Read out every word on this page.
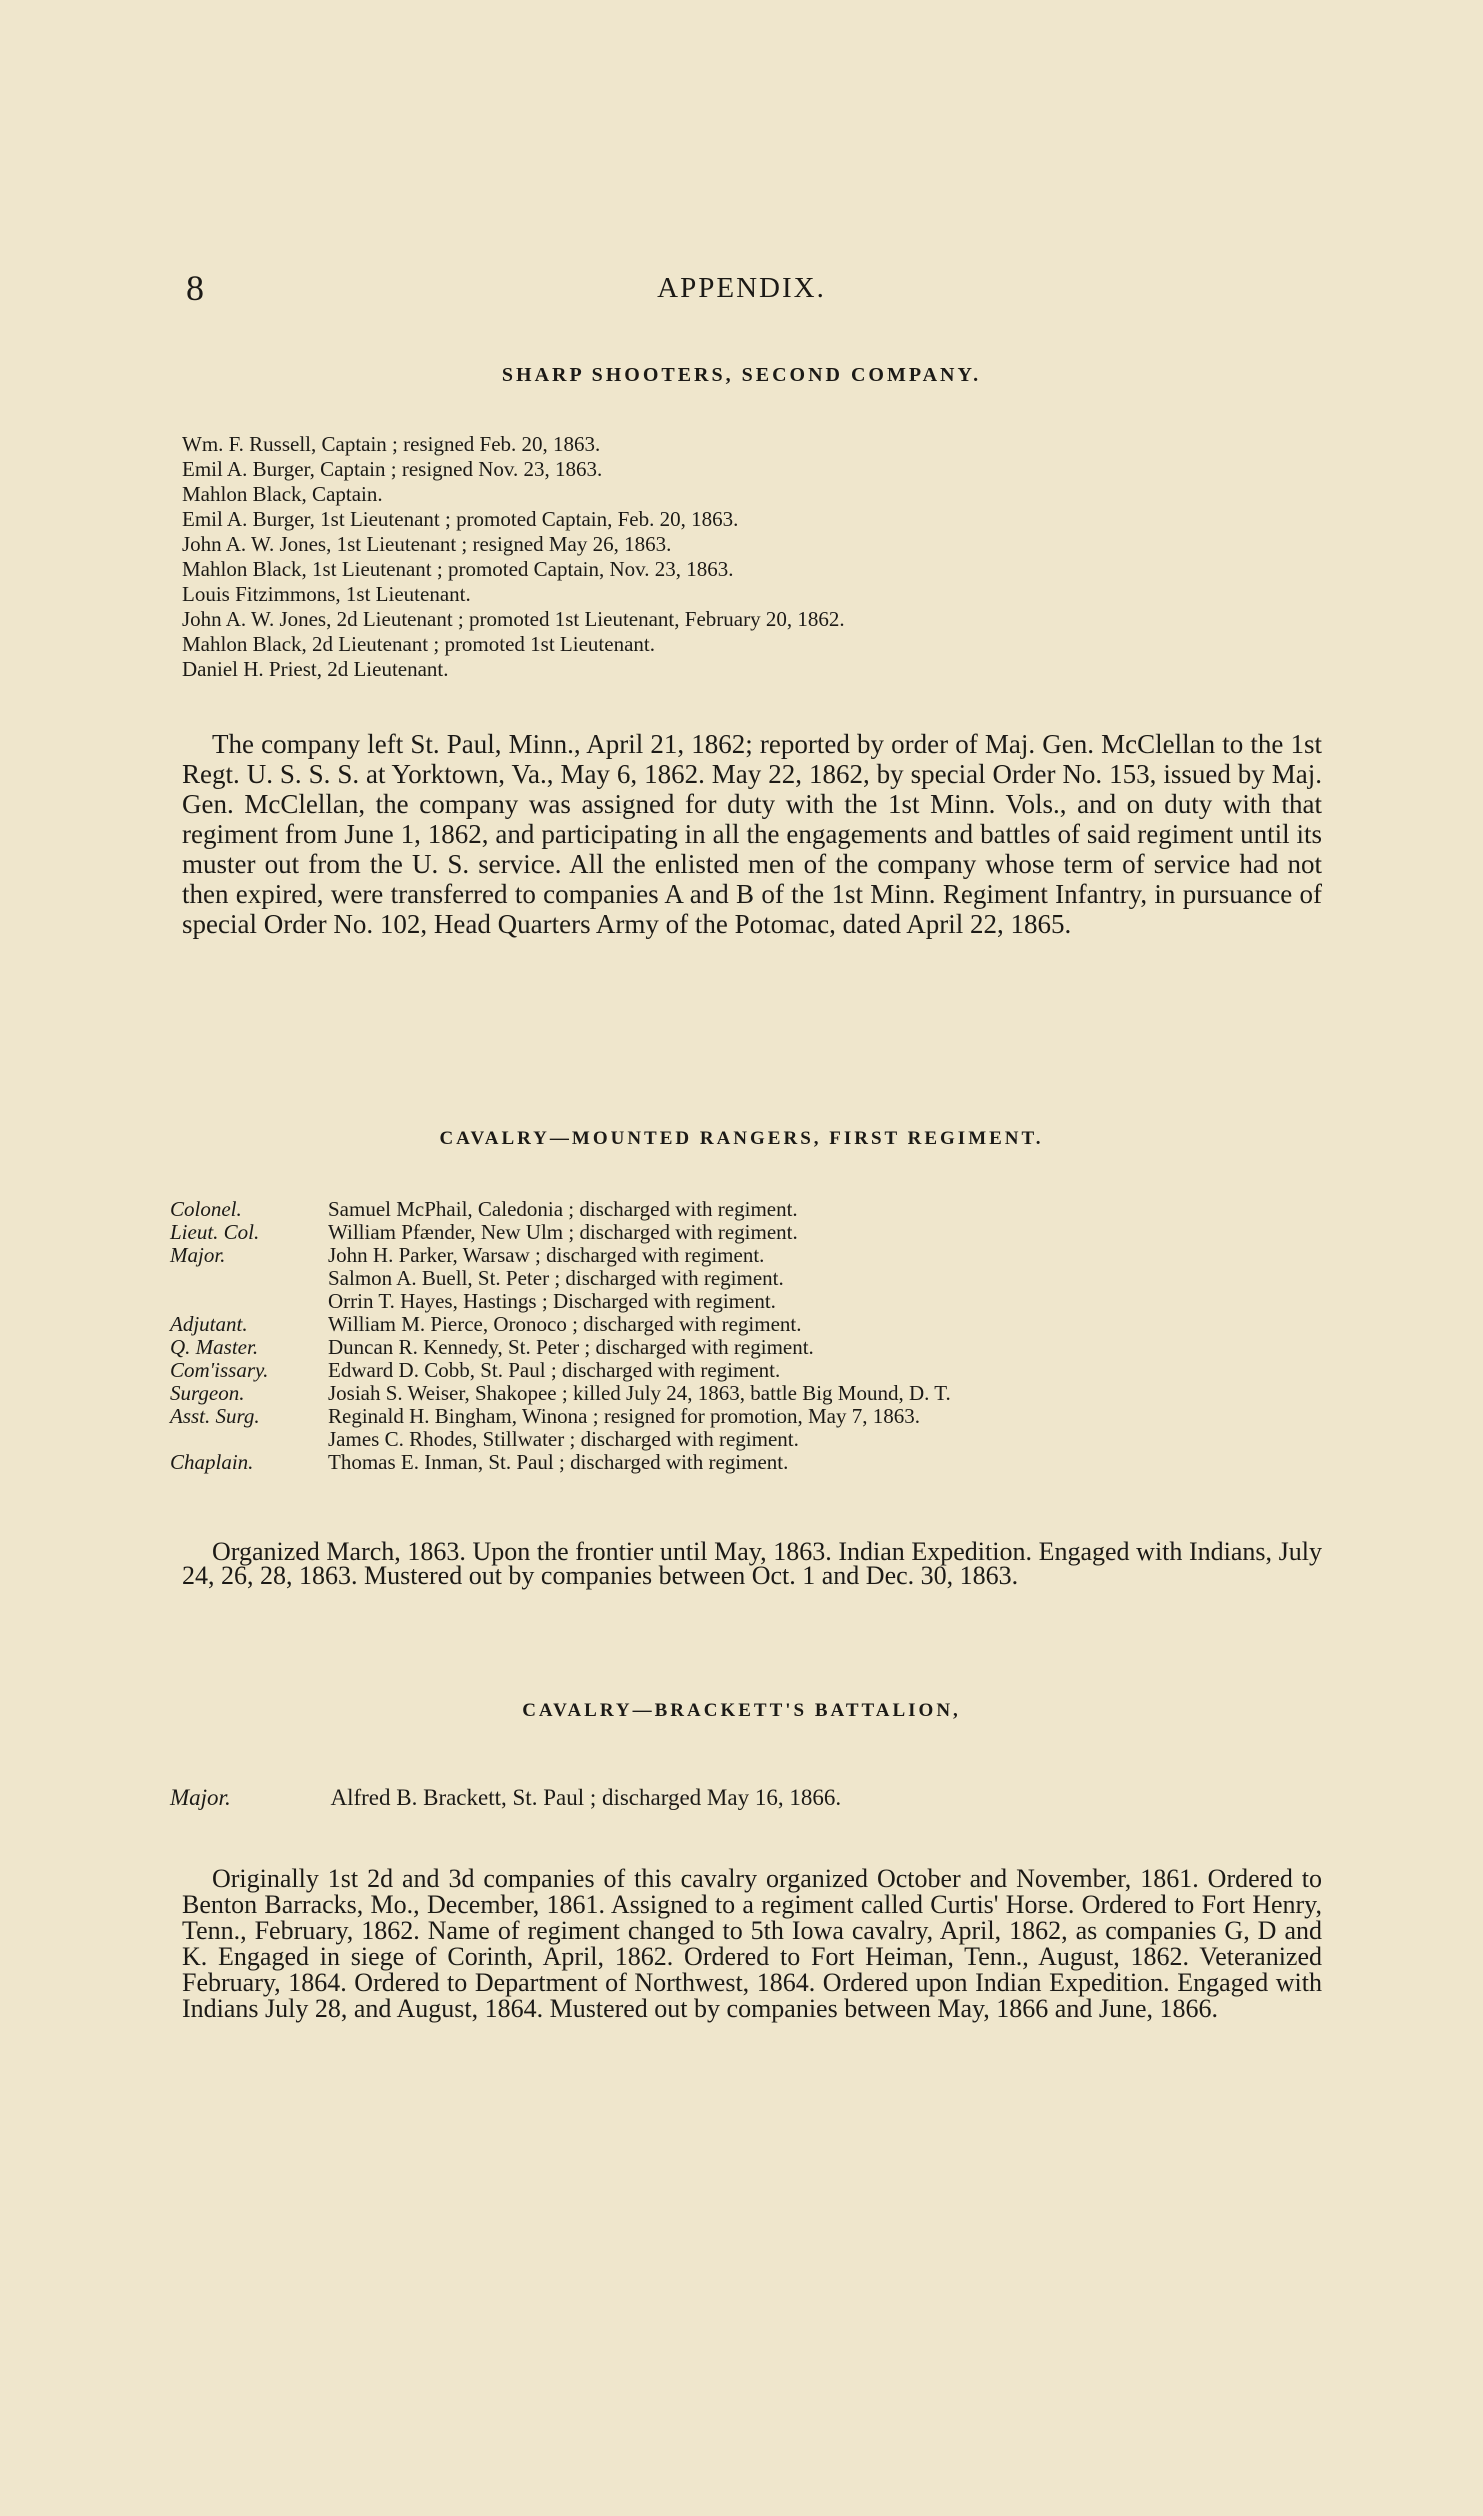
8	APPENDIX.
SHARP SHOOTERS, SECOND COMPANY.
Wm. F. Russell, Captain ; resigned Feb. 20, 1863.
Emil A. Burger, Captain ; resigned Nov. 23, 1863.
Mahlon Black, Captain.
Emil A. Burger, 1st Lieutenant ; promoted Captain, Feb. 20, 1863.
John A. W. Jones, 1st Lieutenant ; resigned May 26, 1863.
Mahlon Black, 1st Lieutenant ; promoted Captain, Nov. 23, 1863.
Louis Fitzimmons, 1st Lieutenant.
John A. W. Jones, 2d Lieutenant ; promoted 1st Lieutenant, February 20, 1862.
Mahlon Black, 2d Lieutenant ; promoted 1st Lieutenant.
Daniel H. Priest, 2d Lieutenant.
The company left St. Paul, Minn., April 21, 1862; reported by order of Maj. Gen. McClellan to the 1st Regt. U. S. S. S. at Yorktown, Va., May 6, 1862. May 22, 1862, by special Order No. 153, issued by Maj. Gen. McClellan, the company was assigned for duty with the 1st Minn. Vols., and on duty with that regiment from June 1, 1862, and participating in all the engagements and battles of said regiment until its muster out from the U. S. service. All the enlisted men of the company whose term of service had not then expired, were transferred to companies A and B of the 1st Minn. Regiment Infantry, in pursuance of special Order No. 102, Head Quarters Army of the Potomac, dated April 22, 1865.
CAVALRY—MOUNTED RANGERS, FIRST REGIMENT.
Colonel.	Samuel McPhail, Caledonia ; discharged with regiment.
Lieut. Col.	William Pfænder, New Ulm ; discharged with regiment.
Major.	John H. Parker, Warsaw ; discharged with regiment.
Salmon A. Buell, St. Peter ; discharged with regiment.
Orrin T. Hayes, Hastings ; Discharged with regiment.
Adjutant.	William M. Pierce, Oronoco ; discharged with regiment.
Q. Master.	Duncan R. Kennedy, St. Peter ; discharged with regiment.
Com'issary.	Edward D. Cobb, St. Paul ; discharged with regiment.
Surgeon.	Josiah S. Weiser, Shakopee ; killed July 24, 1863, battle Big Mound, D. T.
Asst. Surg.	Reginald H. Bingham, Winona ; resigned for promotion, May 7, 1863.
James C. Rhodes, Stillwater ; discharged with regiment.
Chaplain.	Thomas E. Inman, St. Paul ; discharged with regiment.
Organized March, 1863. Upon the frontier until May, 1863. Indian Expedition. Engaged with Indians, July 24, 26, 28, 1863. Mustered out by companies between Oct. 1 and Dec. 30, 1863.
CAVALRY—BRACKETT'S BATTALION,
Major.	Alfred B. Brackett, St. Paul ; discharged May 16, 1866.
Originally 1st 2d and 3d companies of this cavalry organized October and November, 1861. Ordered to Benton Barracks, Mo., December, 1861. Assigned to a regiment called Curtis' Horse. Ordered to Fort Henry, Tenn., February, 1862. Name of regiment changed to 5th Iowa cavalry, April, 1862, as companies G, D and K. Engaged in siege of Corinth, April, 1862. Ordered to Fort Heiman, Tenn., August, 1862. Veteranized February, 1864. Ordered to Department of Northwest, 1864. Ordered upon Indian Expedition. Engaged with Indians July 28, and August, 1864. Mustered out by companies between May, 1866 and June, 1866.
